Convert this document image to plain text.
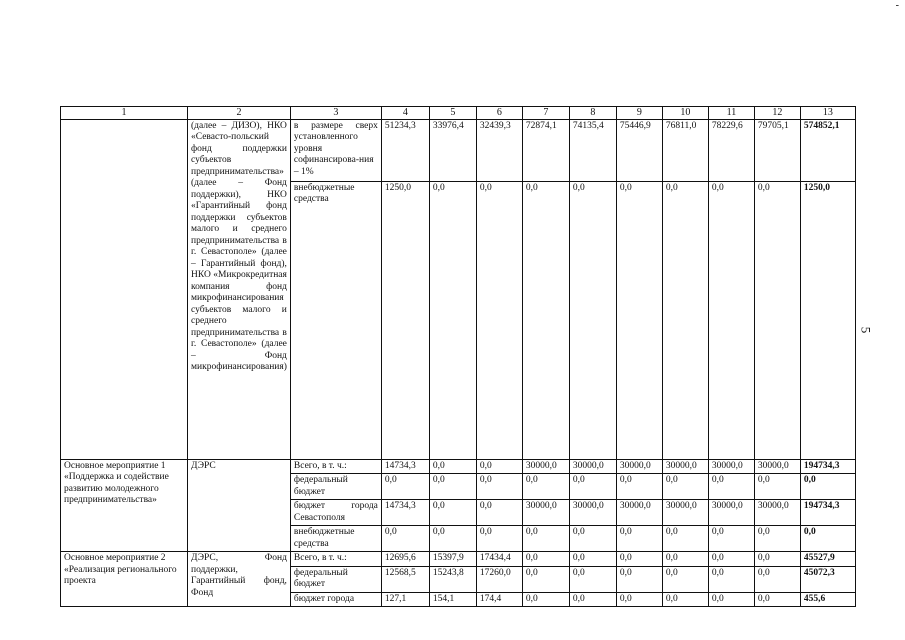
-
5
1	2	3	4	5	6	7	8	9	10	11	12	13
	(далее – ДИЗО), НКО «Севасто-польский фонд поддержки субъектов предпринимательства» (далее – Фонд поддержки), НКО «Гарантийный фонд поддержки субъектов малого и среднего предпринимательства в г. Севастополе» (далее – Гарантийный фонд), НКО «Микрокредитная компания фонд микрофинансирования субъектов малого и среднего предпринимательства в г. Севастополе» (далее – Фонд микрофинансирования)	в размере сверх установленного уровня софинансирова-ния – 1%	51234,3	33976,4	32439,3	72874,1	74135,4	75446,9	76811,0	78229,6	79705,1	574852,1
		внебюджетные средства	1250,0	0,0	0,0	0,0	0,0	0,0	0,0	0,0	0,0	1250,0
Основное мероприятие 1 «Поддержка и содействие развитию молодежного предпринимательства»	ДЭРС	Всего, в т. ч.:	14734,3	0,0	0,0	30000,0	30000,0	30000,0	30000,0	30000,0	30000,0	194734,3
		федеральный бюджет	0,0	0,0	0,0	0,0	0,0	0,0	0,0	0,0	0,0	0,0
		бюджет города Севастополя	14734,3	0,0	0,0	30000,0	30000,0	30000,0	30000,0	30000,0	30000,0	194734,3
		внебюджетные средства	0,0	0,0	0,0	0,0	0,0	0,0	0,0	0,0	0,0	0,0
Основное мероприятие 2 «Реализация регионального проекта	ДЭРС, Фонд поддержки, Гарантийный фонд, Фонд	Всего, в т. ч.:	12695,6	15397,9	17434,4	0,0	0,0	0,0	0,0	0,0	0,0	45527,9
		федеральный бюджет	12568,5	15243,8	17260,0	0,0	0,0	0,0	0,0	0,0	0,0	45072,3
		бюджет города	127,1	154,1	174,4	0,0	0,0	0,0	0,0	0,0	0,0	455,6
